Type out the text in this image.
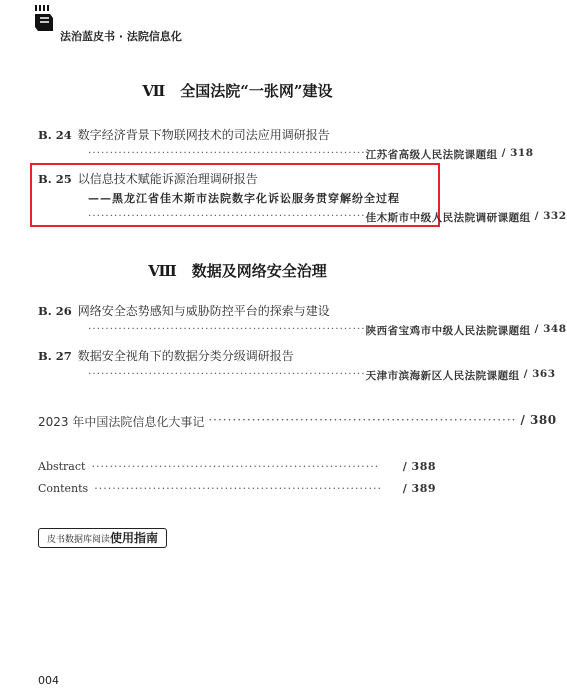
法治蓝皮书 · 法院信息化
Ⅶ　全国法院“一张网”建设
B. 24 数字经济背景下物联网技术的司法应用调研报告
································································ 江苏省高级人民法院课题组 / 318
B. 25 以信息技术赋能诉源治理调研报告
——黑龙江省佳木斯市法院数字化诉讼服务贯穿解纷全过程
································································ 佳木斯市中级人民法院调研课题组 / 332
Ⅷ　数据及网络安全治理
B. 26 网络安全态势感知与威胁防控平台的探索与建设
································································ 陕西省宝鸡市中级人民法院课题组 / 348
B. 27 数据安全视角下的数据分类分级调研报告
································································ 天津市滨海新区人民法院课题组 / 363
2023 年中国法院信息化大事记 ································································ / 380
Abstract ································································	/ 388
Contents ································································	/ 389
皮书数据库阅读使用指南
004
